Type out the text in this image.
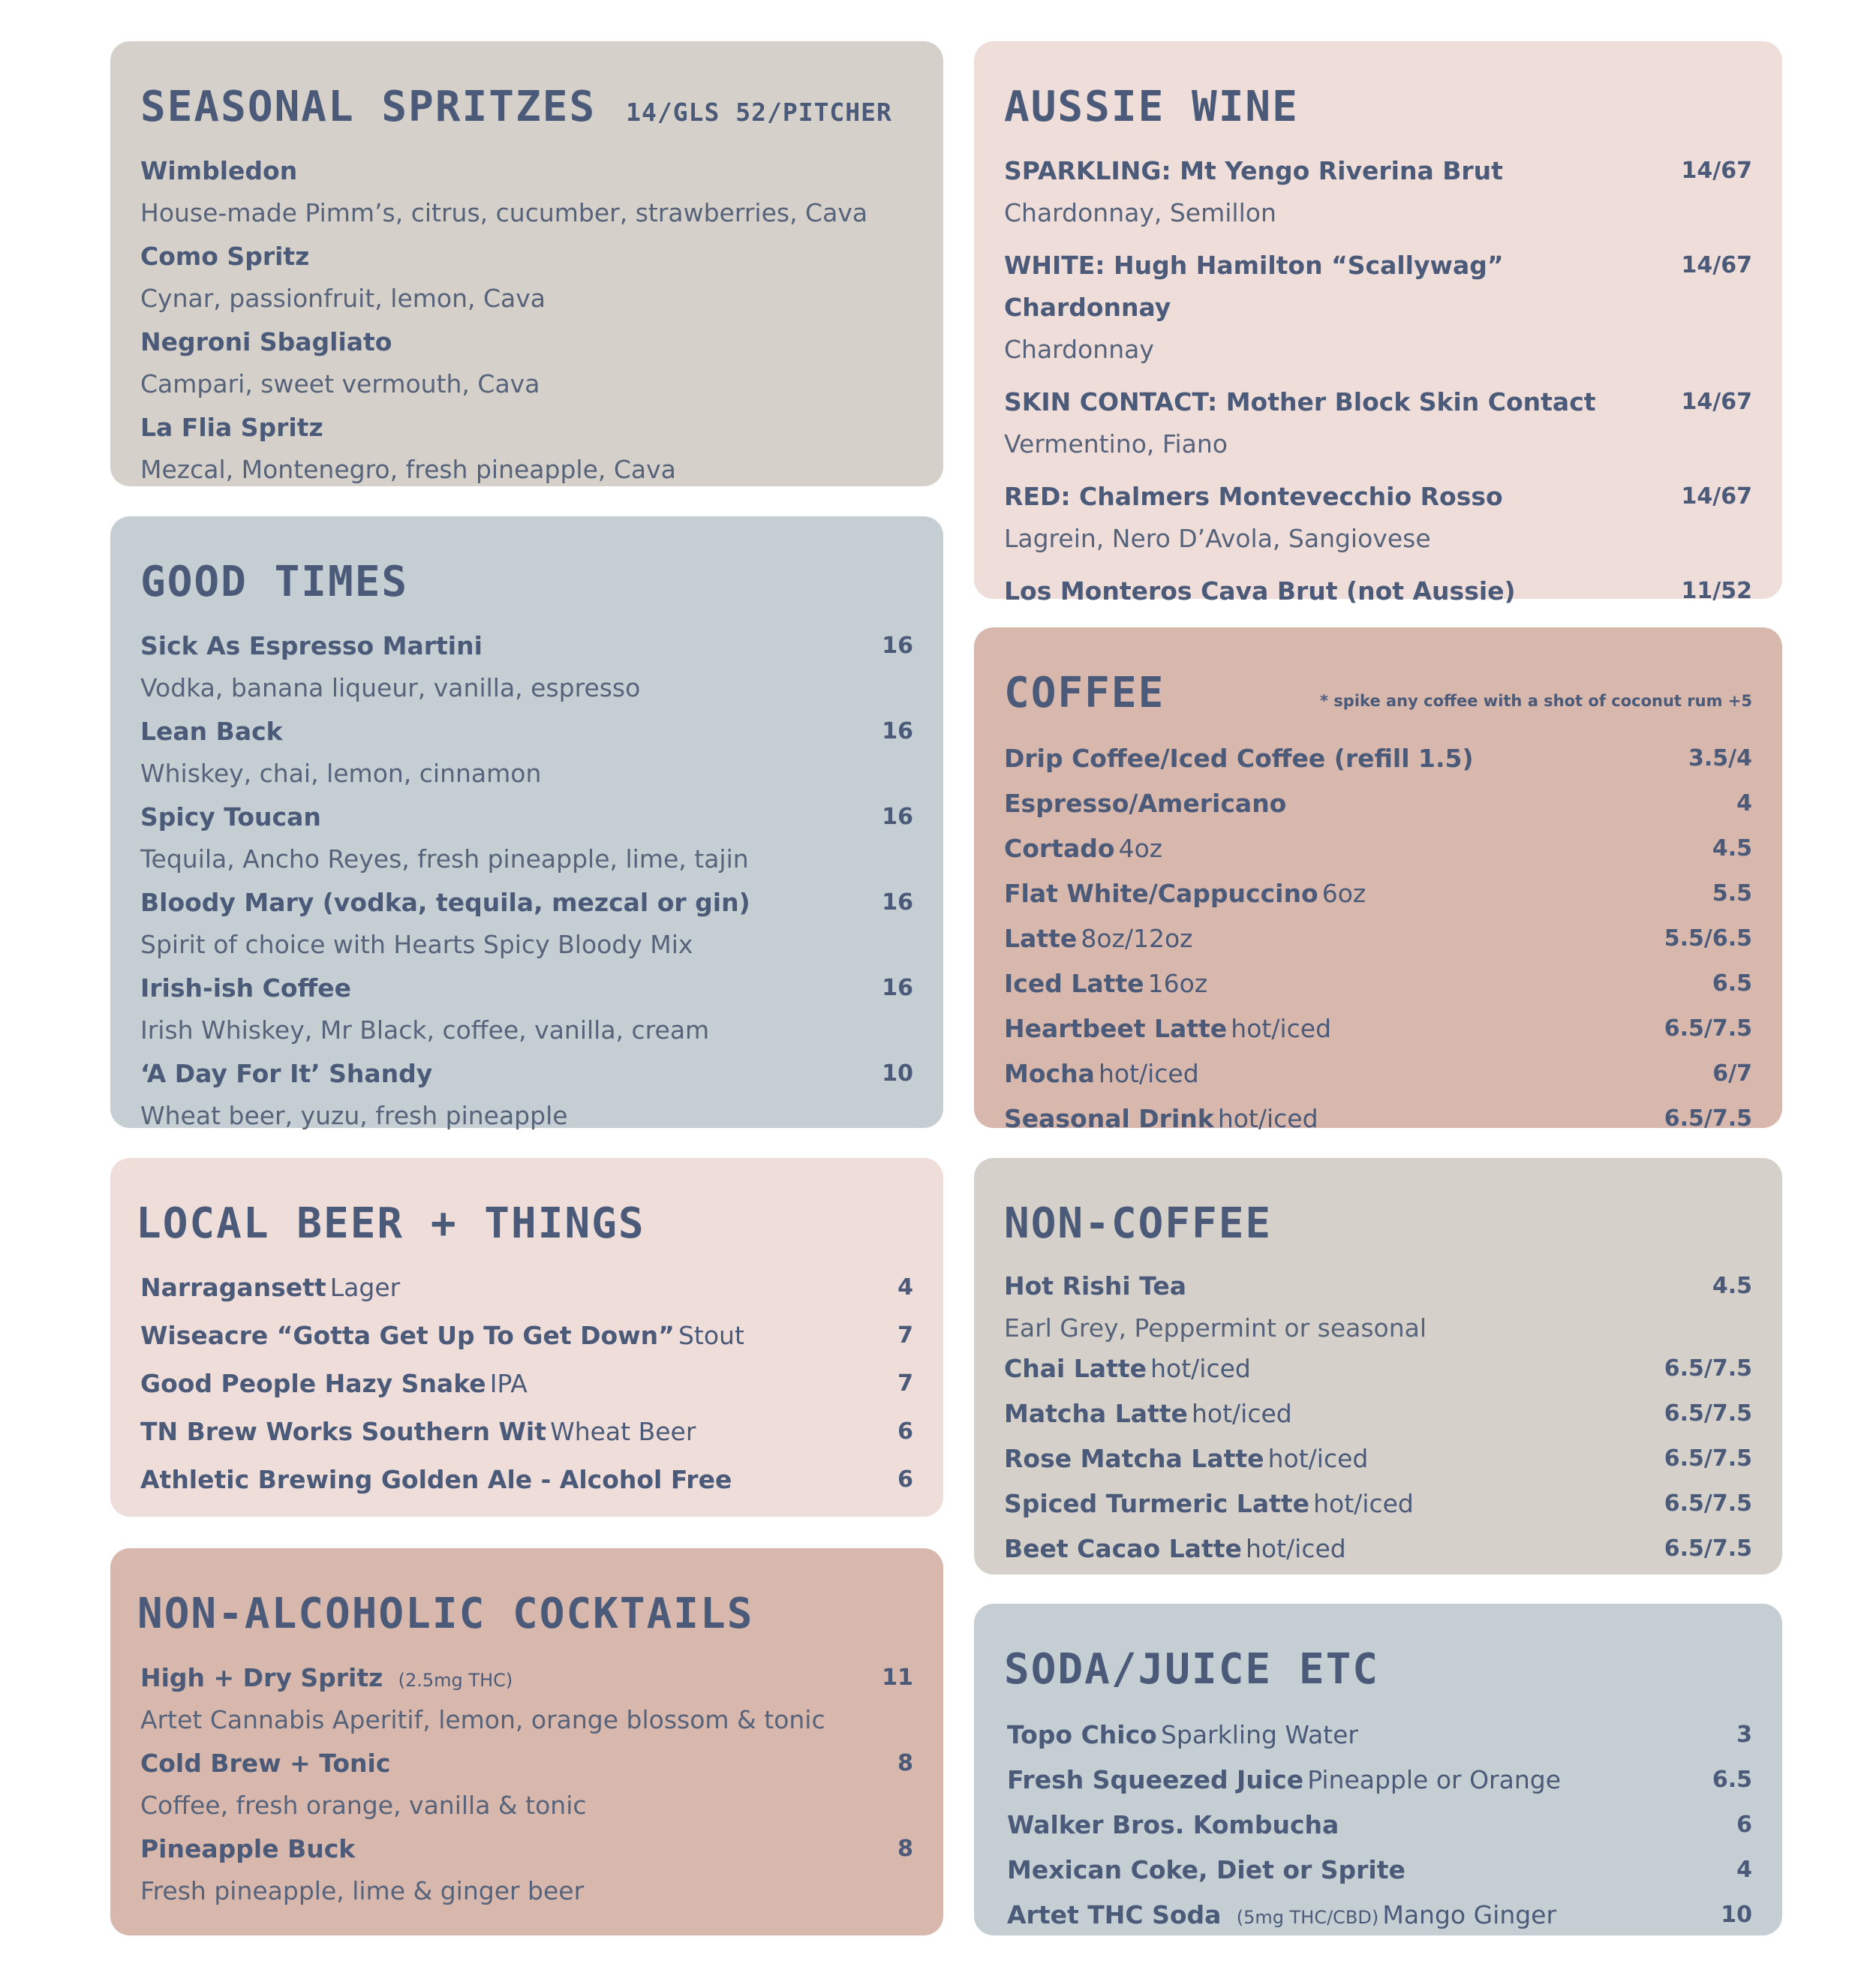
SEASONAL SPRITZES 14/GLS 52/PITCHER
Wimbledon
House-made Pimm’s, citrus, cucumber, strawberries, Cava
Como Spritz
Cynar, passionfruit, lemon, Cava
Negroni Sbagliato
Campari, sweet vermouth, Cava
La Flia Spritz
Mezcal, Montenegro, fresh pineapple, Cava
GOOD TIMES
Sick As Espresso Martini
Vodka, banana liqueur, vanilla, espresso
16
Lean Back
Whiskey, chai, lemon, cinnamon
16
Spicy Toucan
Tequila, Ancho Reyes, fresh pineapple, lime, tajin
16
Bloody Mary (vodka, tequila, mezcal or gin)
Spirit of choice with Hearts Spicy Bloody Mix
16
Irish-ish Coffee
Irish Whiskey, Mr Black, coffee, vanilla, cream
16
‘A Day For It’ Shandy
Wheat beer, yuzu, fresh pineapple
10
LOCAL BEER + THINGS
Narragansett Lager	4
Wiseacre “Gotta Get Up To Get Down” Stout	7
Good People Hazy Snake IPA	7
TN Brew Works Southern Wit Wheat Beer	6
Athletic Brewing Golden Ale - Alcohol Free	6
NON-ALCOHOLIC COCKTAILS
High + Dry Spritz (2.5mg THC)
Artet Cannabis Aperitif, lemon, orange blossom & tonic
11
Cold Brew + Tonic
Coffee, fresh orange, vanilla & tonic
8
Pineapple Buck
Fresh pineapple, lime & ginger beer
8
AUSSIE WINE
SPARKLING: Mt Yengo Riverina Brut
Chardonnay, Semillon
14/67
WHITE: Hugh Hamilton “Scallywag” Chardonnay
Chardonnay
14/67
SKIN CONTACT: Mother Block Skin Contact
Vermentino, Fiano
14/67
RED: Chalmers Montevecchio Rosso
Lagrein, Nero D’Avola, Sangiovese
14/67
Los Monteros Cava Brut (not Aussie)	11/52
COFFEE	* spike any coffee with a shot of coconut rum +5
Drip Coffee/Iced Coffee (refill 1.5)	3.5/4
Espresso/Americano	4
Cortado 4oz	4.5
Flat White/Cappuccino 6oz	5.5
Latte 8oz/12oz	5.5/6.5
Iced Latte 16oz	6.5
Heartbeet Latte hot/iced	6.5/7.5
Mocha hot/iced	6/7
Seasonal Drink hot/iced	6.5/7.5
NON-COFFEE
Hot Rishi Tea
Earl Grey, Peppermint or seasonal
4.5
Chai Latte hot/iced	6.5/7.5
Matcha Latte hot/iced	6.5/7.5
Rose Matcha Latte hot/iced	6.5/7.5
Spiced Turmeric Latte hot/iced	6.5/7.5
Beet Cacao Latte hot/iced	6.5/7.5
SODA/JUICE ETC
Topo Chico Sparkling Water	3
Fresh Squeezed Juice Pineapple or Orange	6.5
Walker Bros. Kombucha	6
Mexican Coke, Diet or Sprite	4
Artet THC Soda (5mg THC/CBD) Mango Ginger	10
